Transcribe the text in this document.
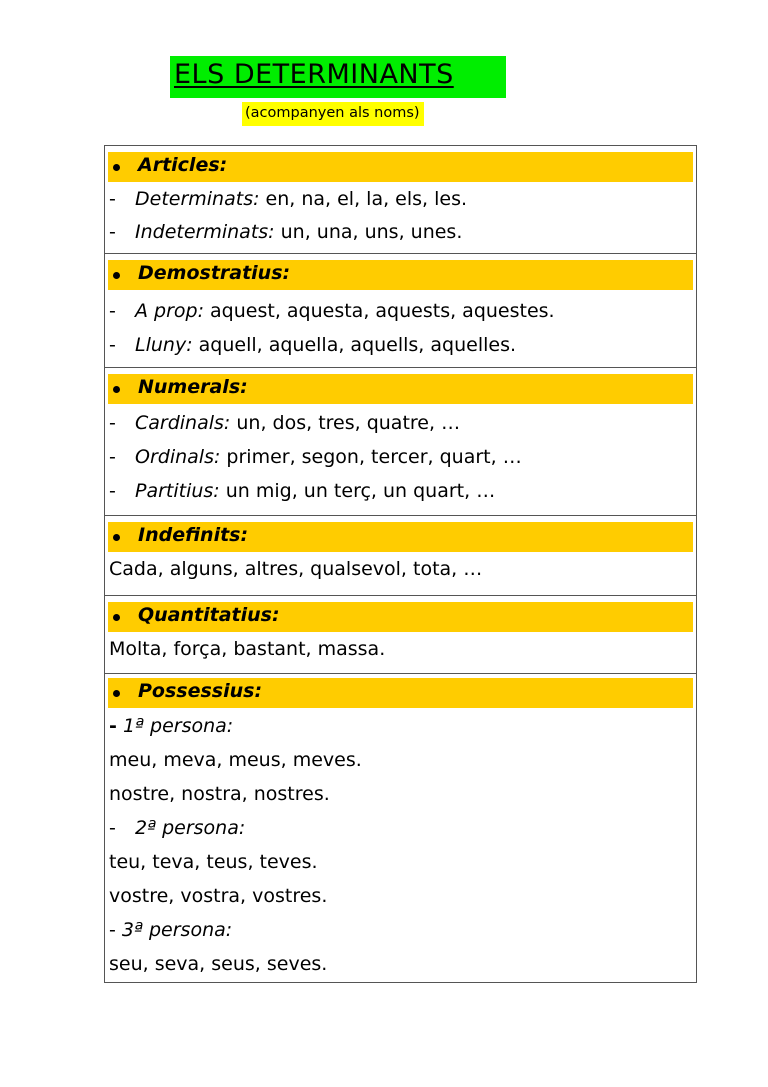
ELS DETERMINANTS
(acompanyen als noms)
Articles:
- Determinats: en, na, el, la, els, les.
- Indeterminats: un, una, uns, unes.
Demostratius:
- A prop: aquest, aquesta, aquests, aquestes.
- Lluny: aquell, aquella, aquells, aquelles.
Numerals:
- Cardinals: un, dos, tres, quatre, …
- Ordinals: primer, segon, tercer, quart, …
- Partitius: un mig, un terç, un quart, …
Indefinits:
Cada, alguns, altres, qualsevol, tota, …
Quantitatius:
Molta, força, bastant, massa.
Possessius:
- 1ª persona:
meu, meva, meus, meves.
nostre, nostra, nostres.
- 2ª persona:
teu, teva, teus, teves.
vostre, vostra, vostres.
- 3ª persona:
seu, seva, seus, seves.
